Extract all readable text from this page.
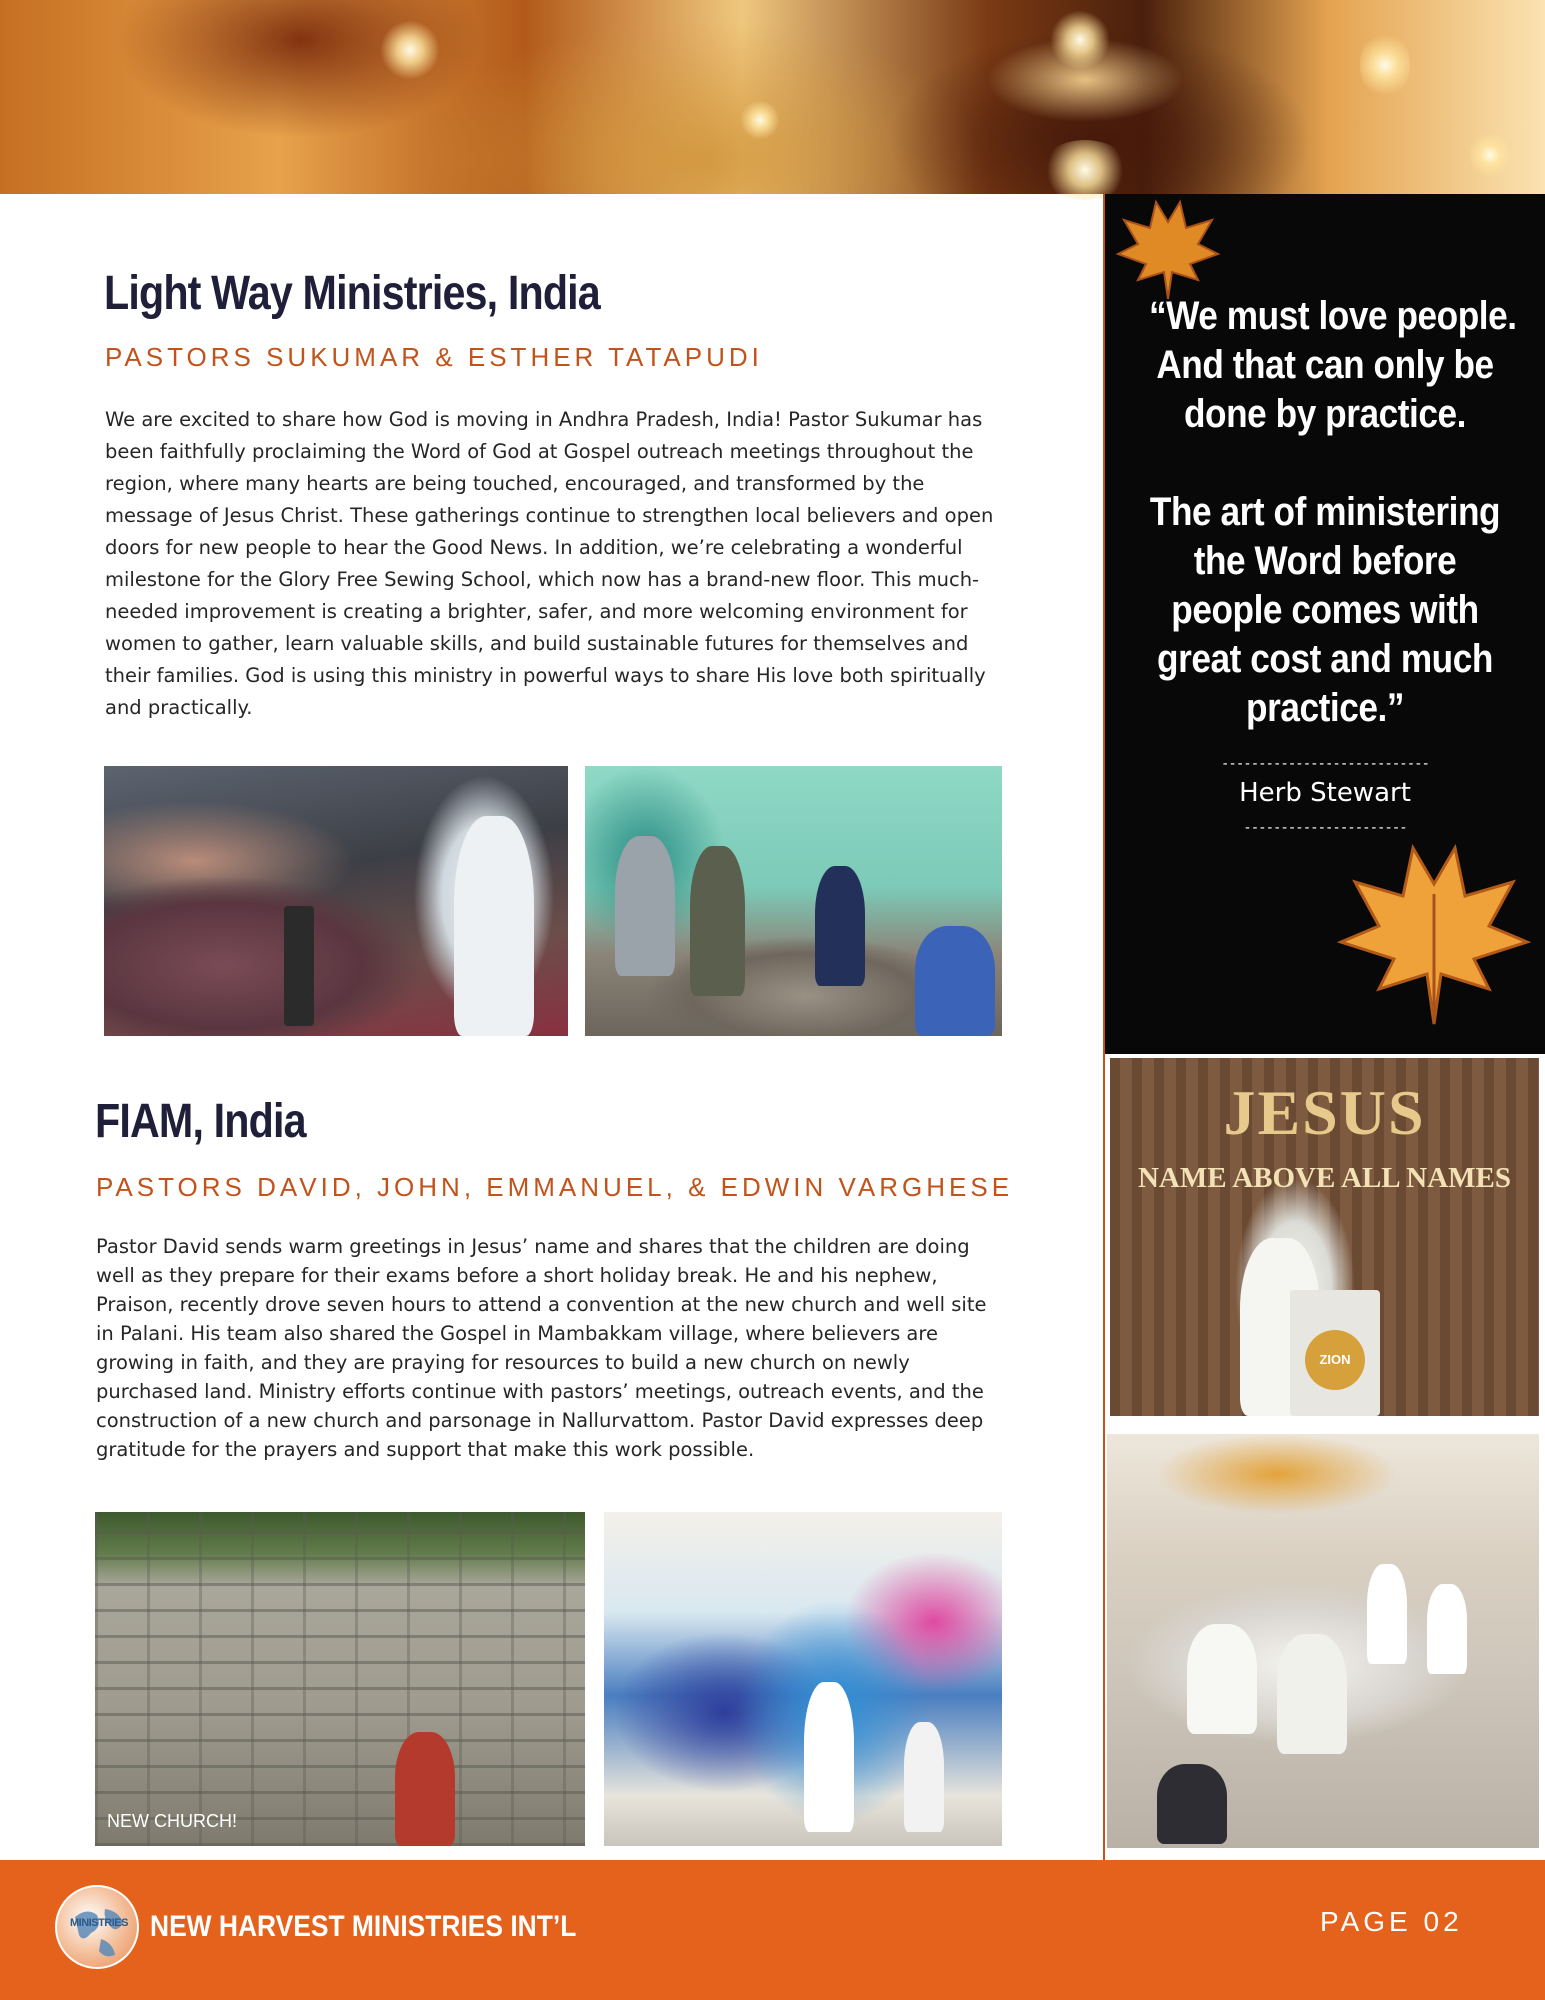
Light Way Ministries, India
PASTORS SUKUMAR & ESTHER TATAPUDI
We are excited to share how God is moving in Andhra Pradesh, India! Pastor Sukumar has been faithfully proclaiming the Word of God at Gospel outreach meetings throughout the region, where many hearts are being touched, encouraged, and transformed by the message of Jesus Christ. These gatherings continue to strengthen local believers and open doors for new people to hear the Good News. In addition, we’re celebrating a wonderful milestone for the Glory Free Sewing School, which now has a brand-new floor. This much-needed improvement is creating a brighter, safer, and more welcoming environment for women to gather, learn valuable skills, and build sustainable futures for themselves and their families. God is using this ministry in powerful ways to share His love both spiritually and practically.
FIAM, India
PASTORS DAVID, JOHN, EMMANUEL, & EDWIN VARGHESE
Pastor David sends warm greetings in Jesus’ name and shares that the children are doing well as they prepare for their exams before a short holiday break. He and his nephew, Praison, recently drove seven hours to attend a convention at the new church and well site in Palani. His team also shared the Gospel in Mambakkam village, where believers are growing in faith, and they are praying for resources to build a new church on newly purchased land. Ministry efforts continue with pastors’ meetings, outreach events, and the construction of a new church and parsonage in Nallurvattom. Pastor David expresses deep gratitude for the prayers and support that make this work possible.
NEW CHURCH!
“We must love people.
And that can only be
done by practice.
The art of ministering
the Word before
people comes with
great cost and much
practice.”
----------------------------
Herb Stewart
----------------------
JESUS
NAME ABOVE ALL NAMES
ZION
MINISTRIES NEW HARVEST MINISTRIES INT’L	PAGE 02
